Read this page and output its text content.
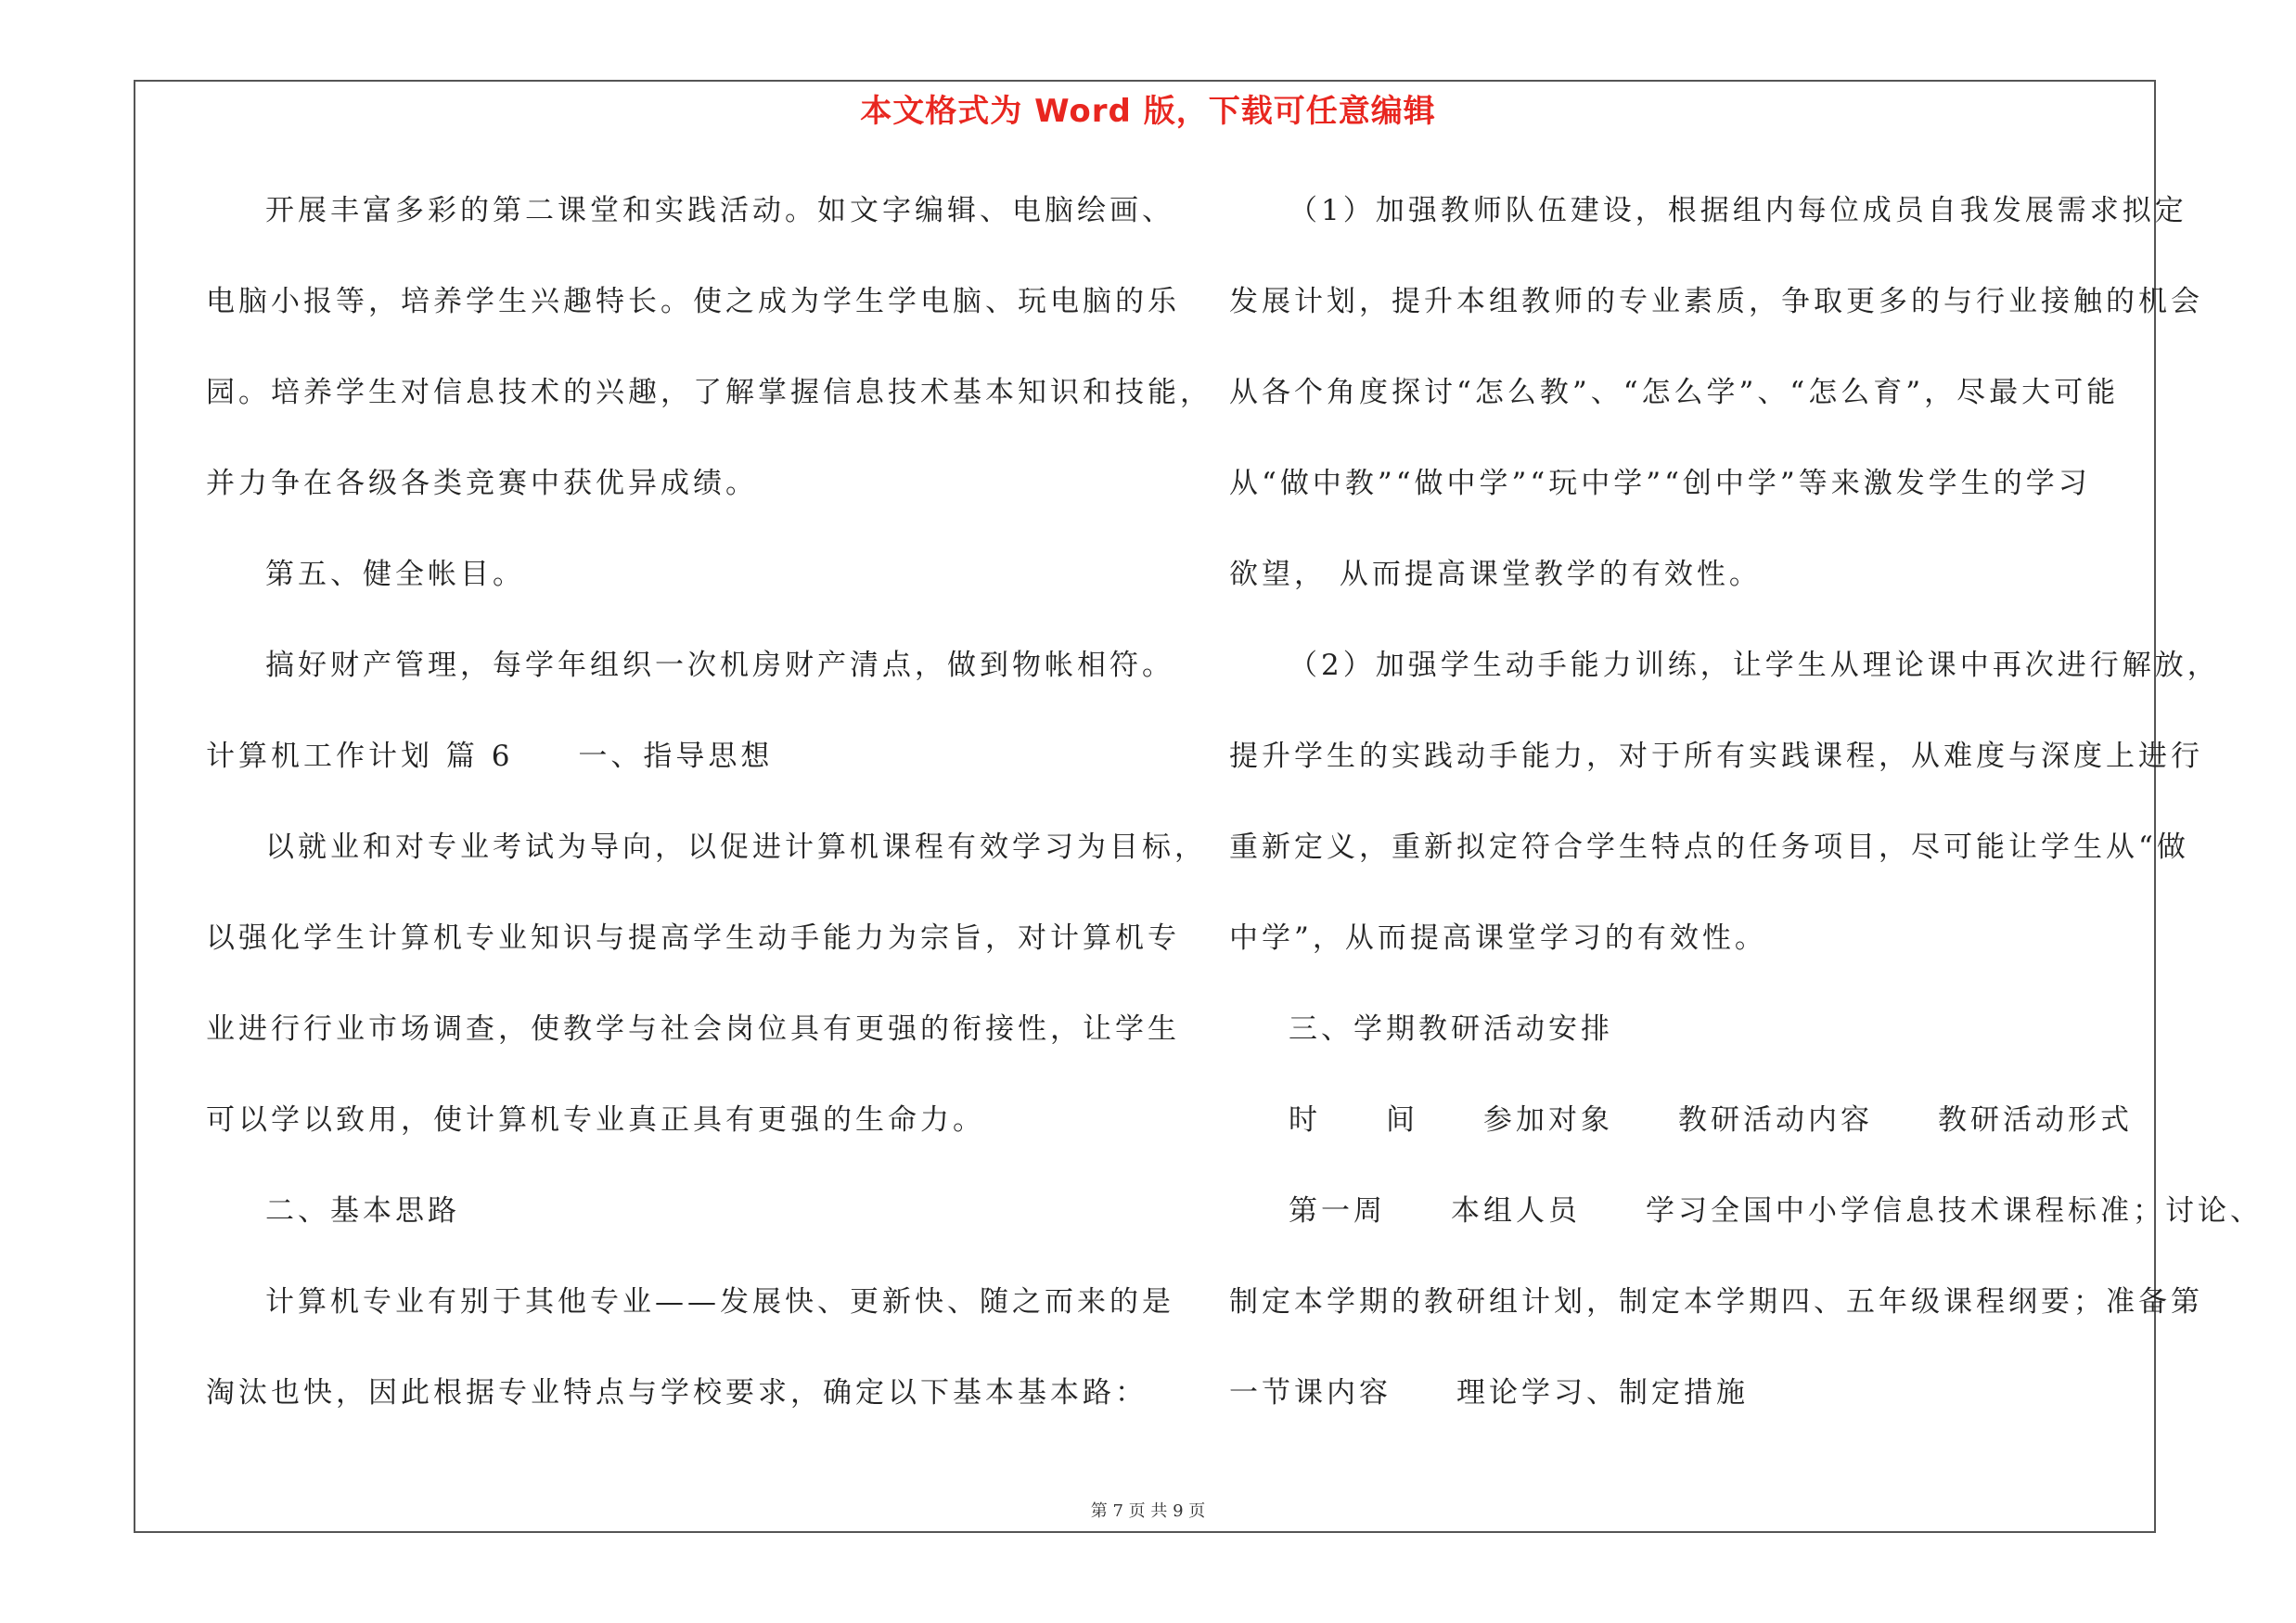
本文格式为 Word 版，下载可任意编辑
开展丰富多彩的第二课堂和实践活动。如文字编辑、电脑绘画、
电脑小报等，培养学生兴趣特长。使之成为学生学电脑、玩电脑的乐
园。培养学生对信息技术的兴趣，了解掌握信息技术基本知识和技能，
并力争在各级各类竞赛中获优异成绩。
第五、健全帐目。
搞好财产管理，每学年组织一次机房财产清点，做到物帐相符。
计算机工作计划 篇 6　　一、指导思想
以就业和对专业考试为导向，以促进计算机课程有效学习为目标，
以强化学生计算机专业知识与提高学生动手能力为宗旨，对计算机专
业进行行业市场调查，使教学与社会岗位具有更强的衔接性，让学生
可以学以致用，使计算机专业真正具有更强的生命力。
二、基本思路
计算机专业有别于其他专业——发展快、更新快、随之而来的是
淘汰也快，因此根据专业特点与学校要求，确定以下基本基本路：
（1）加强教师队伍建设，根据组内每位成员自我发展需求拟定
发展计划，提升本组教师的专业素质，争取更多的与行业接触的机会
从各个角度探讨“怎么教”、“怎么学”、“怎么育”，尽最大可能
从“做中教”“做中学”“玩中学”“创中学”等来激发学生的学习
欲望， 从而提高课堂教学的有效性。
（2）加强学生动手能力训练，让学生从理论课中再次进行解放，
提升学生的实践动手能力，对于所有实践课程，从难度与深度上进行
重新定义，重新拟定符合学生特点的任务项目，尽可能让学生从“做
中学”，从而提高课堂学习的有效性。
三、学期教研活动安排
时　　间　　参加对象　　教研活动内容　　教研活动形式
第一周　　本组人员　　学习全国中小学信息技术课程标准；讨论、
制定本学期的教研组计划，制定本学期四、五年级课程纲要；准备第
一节课内容　　理论学习、制定措施
第 7 页 共 9 页
